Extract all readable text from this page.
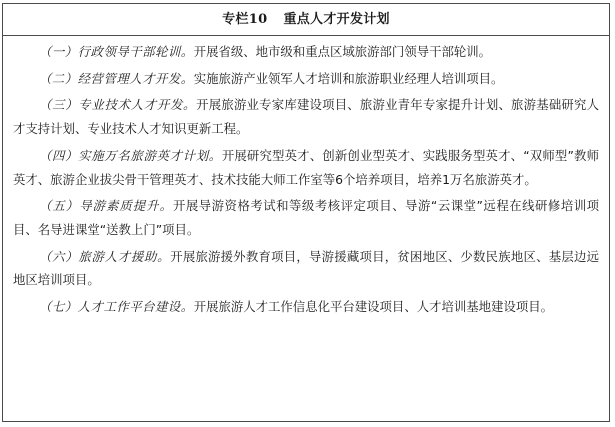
专栏10 重点人才开发计划

（一）行政领导干部轮训。开展省级、地市级和重点区域旅游部门领导干部轮训。

（二）经营管理人才开发。实施旅游产业领军人才培训和旅游职业经理人培训项目。

（三）专业技术人才开发。开展旅游业专家库建设项目、旅游业青年专家提升计划、旅游基础研究人才支持计划、专业技术人才知识更新工程。

（四）实施万名旅游英才计划。开展研究型英才、创新创业型英才、实践服务型英才、“双师型”教师英才、旅游企业拔尖骨干管理英才、技术技能大师工作室等6个培养项目，培养1万名旅游英才。

（五）导游素质提升。开展导游资格考试和等级考核评定项目、导游“云课堂”远程在线研修培训项目、名导进课堂“送教上门”项目。

（六）旅游人才援助。开展旅游援外教育项目，导游援藏项目，贫困地区、少数民族地区、基层边远地区培训项目。

（七）人才工作平台建设。开展旅游人才工作信息化平台建设项目、人才培训基地建设项目。
